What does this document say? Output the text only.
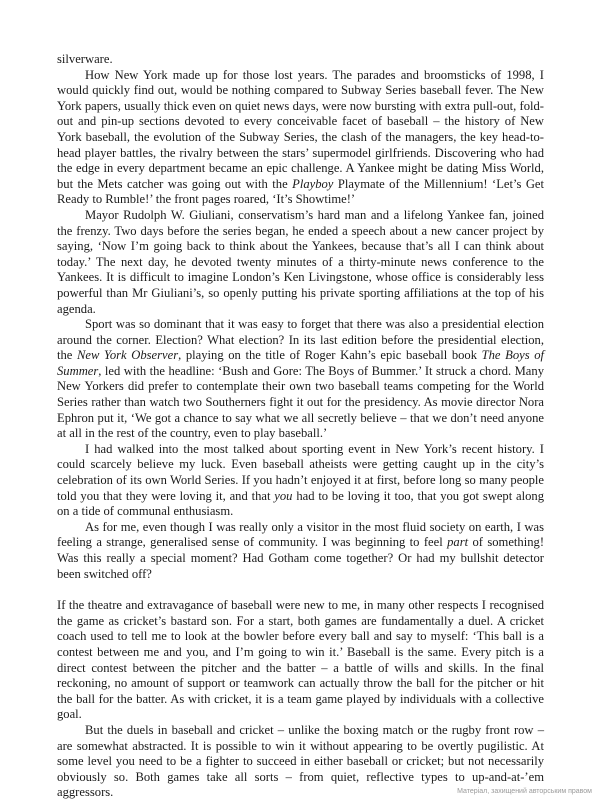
silverware.

How New York made up for those lost years. The parades and broomsticks of 1998, I would quickly find out, would be nothing compared to Subway Series baseball fever. The New York papers, usually thick even on quiet news days, were now bursting with extra pull-out, fold-out and pin-up sections devoted to every conceivable facet of baseball – the history of New York baseball, the evolution of the Subway Series, the clash of the managers, the key head-to-head player battles, the rivalry between the stars’ supermodel girlfriends. Discovering who had the edge in every department became an epic challenge. A Yankee might be dating Miss World, but the Mets catcher was going out with the Playboy Playmate of the Millennium! ‘Let’s Get Ready to Rumble!’ the front pages roared, ‘It’s Showtime!’

Mayor Rudolph W. Giuliani, conservatism’s hard man and a lifelong Yankee fan, joined the frenzy. Two days before the series began, he ended a speech about a new cancer project by saying, ‘Now I’m going back to think about the Yankees, because that’s all I can think about today.’ The next day, he devoted twenty minutes of a thirty-minute news conference to the Yankees. It is difficult to imagine London’s Ken Livingstone, whose office is considerably less powerful than Mr Giuliani’s, so openly putting his private sporting affiliations at the top of his agenda.

Sport was so dominant that it was easy to forget that there was also a presidential election around the corner. Election? What election? In its last edition before the presidential election, the New York Observer, playing on the title of Roger Kahn’s epic baseball book The Boys of Summer, led with the headline: ‘Bush and Gore: The Boys of Bummer.’ It struck a chord. Many New Yorkers did prefer to contemplate their own two baseball teams competing for the World Series rather than watch two Southerners fight it out for the presidency. As movie director Nora Ephron put it, ‘We got a chance to say what we all secretly believe – that we don’t need anyone at all in the rest of the country, even to play baseball.’

I had walked into the most talked about sporting event in New York’s recent history. I could scarcely believe my luck. Even baseball atheists were getting caught up in the city’s celebration of its own World Series. If you hadn’t enjoyed it at first, before long so many people told you that they were loving it, and that you had to be loving it too, that you got swept along on a tide of communal enthusiasm.

As for me, even though I was really only a visitor in the most fluid society on earth, I was feeling a strange, generalised sense of community. I was beginning to feel part of something! Was this really a special moment? Had Gotham come together? Or had my bullshit detector been switched off?

If the theatre and extravagance of baseball were new to me, in many other respects I recognised the game as cricket’s bastard son. For a start, both games are fundamentally a duel. A cricket coach used to tell me to look at the bowler before every ball and say to myself: ‘This ball is a contest between me and you, and I’m going to win it.’ Baseball is the same. Every pitch is a direct contest between the pitcher and the batter – a battle of wills and skills. In the final reckoning, no amount of support or teamwork can actually throw the ball for the pitcher or hit the ball for the batter. As with cricket, it is a team game played by individuals with a collective goal.

But the duels in baseball and cricket – unlike the boxing match or the rugby front row – are somewhat abstracted. It is possible to win it without appearing to be overtly pugilistic. At some level you need to be a fighter to succeed in either baseball or cricket; but not necessarily obviously so. Both games take all sorts – from quiet, reflective types to up-and-at-’em aggressors.	Матеріал, захищений авторським правом
